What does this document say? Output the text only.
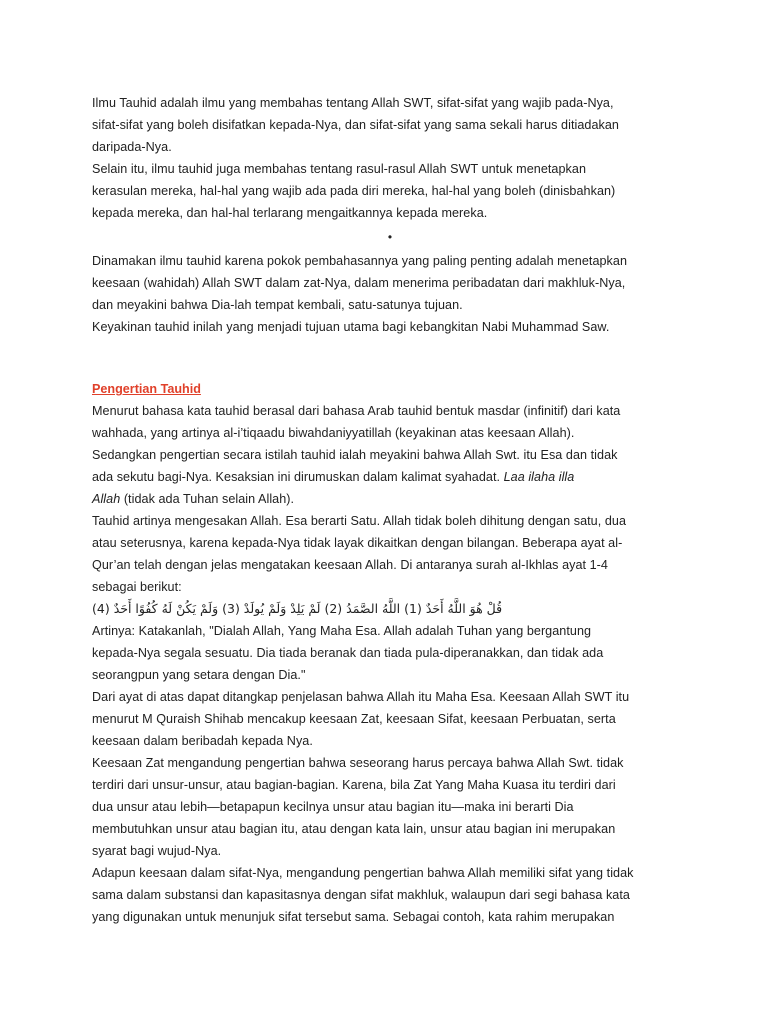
Ilmu Tauhid adalah ilmu yang membahas tentang Allah SWT, sifat-sifat yang wajib pada-Nya,

sifat-sifat yang boleh disifatkan kepada-Nya, dan sifat-sifat yang sama sekali harus ditiadakan

daripada-Nya.

Selain itu, ilmu tauhid juga membahas tentang rasul-rasul Allah SWT untuk menetapkan

kerasulan mereka, hal-hal yang wajib ada pada diri mereka, hal-hal yang boleh (dinisbahkan)

kepada mereka, dan hal-hal terlarang mengaitkannya kepada mereka.

•

Dinamakan ilmu tauhid karena pokok pembahasannya yang paling penting adalah menetapkan

keesaan (wahidah) Allah SWT dalam zat-Nya, dalam menerima peribadatan dari makhluk-Nya,

dan meyakini bahwa Dia-lah tempat kembali, satu-satunya tujuan.

Keyakinan tauhid inilah yang menjadi tujuan utama bagi kebangkitan Nabi Muhammad Saw.

Pengertian Tauhid

Menurut bahasa kata tauhid berasal dari bahasa Arab tauhid bentuk masdar (infinitif) dari kata

wahhada, yang artinya al-i’tiqaadu biwahdaniyyatillah (keyakinan atas keesaan Allah).

Sedangkan pengertian secara istilah tauhid ialah meyakini bahwa Allah Swt. itu Esa dan tidak

ada sekutu bagi-Nya. Kesaksian ini dirumuskan dalam kalimat syahadat. Laa ilaha illa

Allah (tidak ada Tuhan selain Allah).

Tauhid artinya mengesakan Allah. Esa berarti Satu. Allah tidak boleh dihitung dengan satu, dua

atau seterusnya, karena kepada-Nya tidak layak dikaitkan dengan bilangan. Beberapa ayat al-

Qur’an telah dengan jelas mengatakan keesaan Allah. Di antaranya surah al-Ikhlas ayat 1-4

sebagai berikut:

قُلْ هُوَ اللَّهُ أَحَدٌ (1) اللَّهُ الصَّمَدُ (2) لَمْ يَلِدْ وَلَمْ يُولَدْ (3) وَلَمْ يَكُنْ لَهُ كُفُوًا أَحَدٌ (4)

Artinya: Katakanlah, "Dialah Allah, Yang Maha Esa. Allah adalah Tuhan yang bergantung

kepada-Nya segala sesuatu. Dia tiada beranak dan tiada pula-diperanakkan, dan tidak ada

seorangpun yang setara dengan Dia."

Dari ayat di atas dapat ditangkap penjelasan bahwa Allah itu Maha Esa. Keesaan Allah SWT itu

menurut M Quraish Shihab mencakup keesaan Zat, keesaan Sifat, keesaan Perbuatan, serta

keesaan dalam beribadah kepada Nya.

Keesaan Zat mengandung pengertian bahwa seseorang harus percaya bahwa Allah Swt. tidak

terdiri dari unsur-unsur, atau bagian-bagian. Karena, bila Zat Yang Maha Kuasa itu terdiri dari

dua unsur atau lebih—betapapun kecilnya unsur atau bagian itu—maka ini berarti Dia

membutuhkan unsur atau bagian itu, atau dengan kata lain, unsur atau bagian ini merupakan

syarat bagi wujud-Nya.

Adapun keesaan dalam sifat-Nya, mengandung pengertian bahwa Allah memiliki sifat yang tidak

sama dalam substansi dan kapasitasnya dengan sifat makhluk, walaupun dari segi bahasa kata

yang digunakan untuk menunjuk sifat tersebut sama. Sebagai contoh, kata rahim merupakan
